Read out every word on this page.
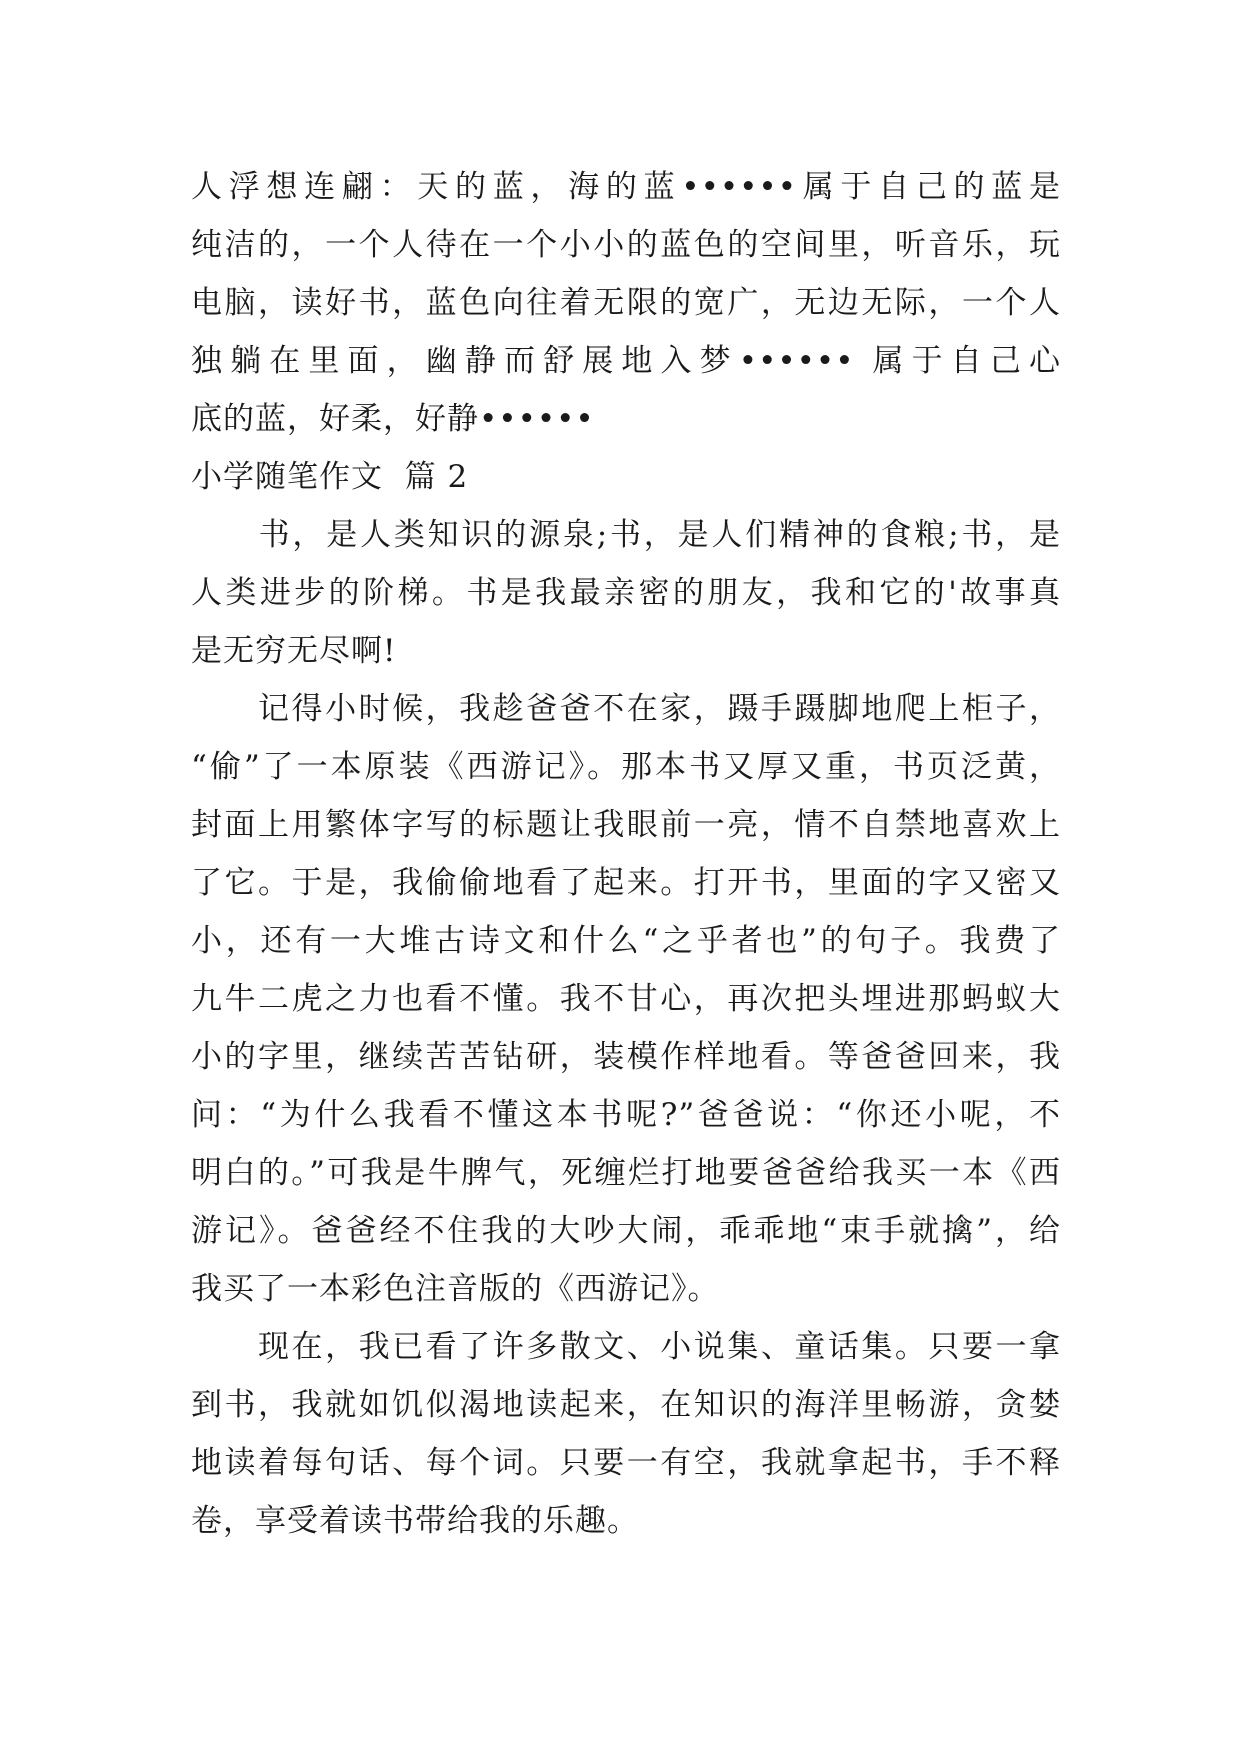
人浮想连翩：天的蓝，海的蓝••••••属于自己的蓝是
纯洁的，一个人待在一个小小的蓝色的空间里，听音乐，玩
电脑，读好书，蓝色向往着无限的宽广，无边无际，一个人
独躺在里面，幽静而舒展地入梦•••••• 属于自己心
底的蓝，好柔，好静••••••
小学随笔作文  篇 2
　　书，是人类知识的源泉;书，是人们精神的食粮;书，是
人类进步的阶梯。书是我最亲密的朋友，我和它的'故事真
是无穷无尽啊!
　　记得小时候，我趁爸爸不在家，蹑手蹑脚地爬上柜子，
“偷”了一本原装《西游记》。那本书又厚又重，书页泛黄，
封面上用繁体字写的标题让我眼前一亮，情不自禁地喜欢上
了它。于是，我偷偷地看了起来。打开书，里面的字又密又
小，还有一大堆古诗文和什么“之乎者也”的句子。我费了
九牛二虎之力也看不懂。我不甘心，再次把头埋进那蚂蚁大
小的字里，继续苦苦钻研，装模作样地看。等爸爸回来，我
问：“为什么我看不懂这本书呢?”爸爸说：“你还小呢，不
明白的。”可我是牛脾气，死缠烂打地要爸爸给我买一本《西
游记》。爸爸经不住我的大吵大闹，乖乖地“束手就擒”，给
我买了一本彩色注音版的《西游记》。
　　现在，我已看了许多散文、小说集、童话集。只要一拿
到书，我就如饥似渴地读起来，在知识的海洋里畅游，贪婪
地读着每句话、每个词。只要一有空，我就拿起书，手不释
卷，享受着读书带给我的乐趣。
